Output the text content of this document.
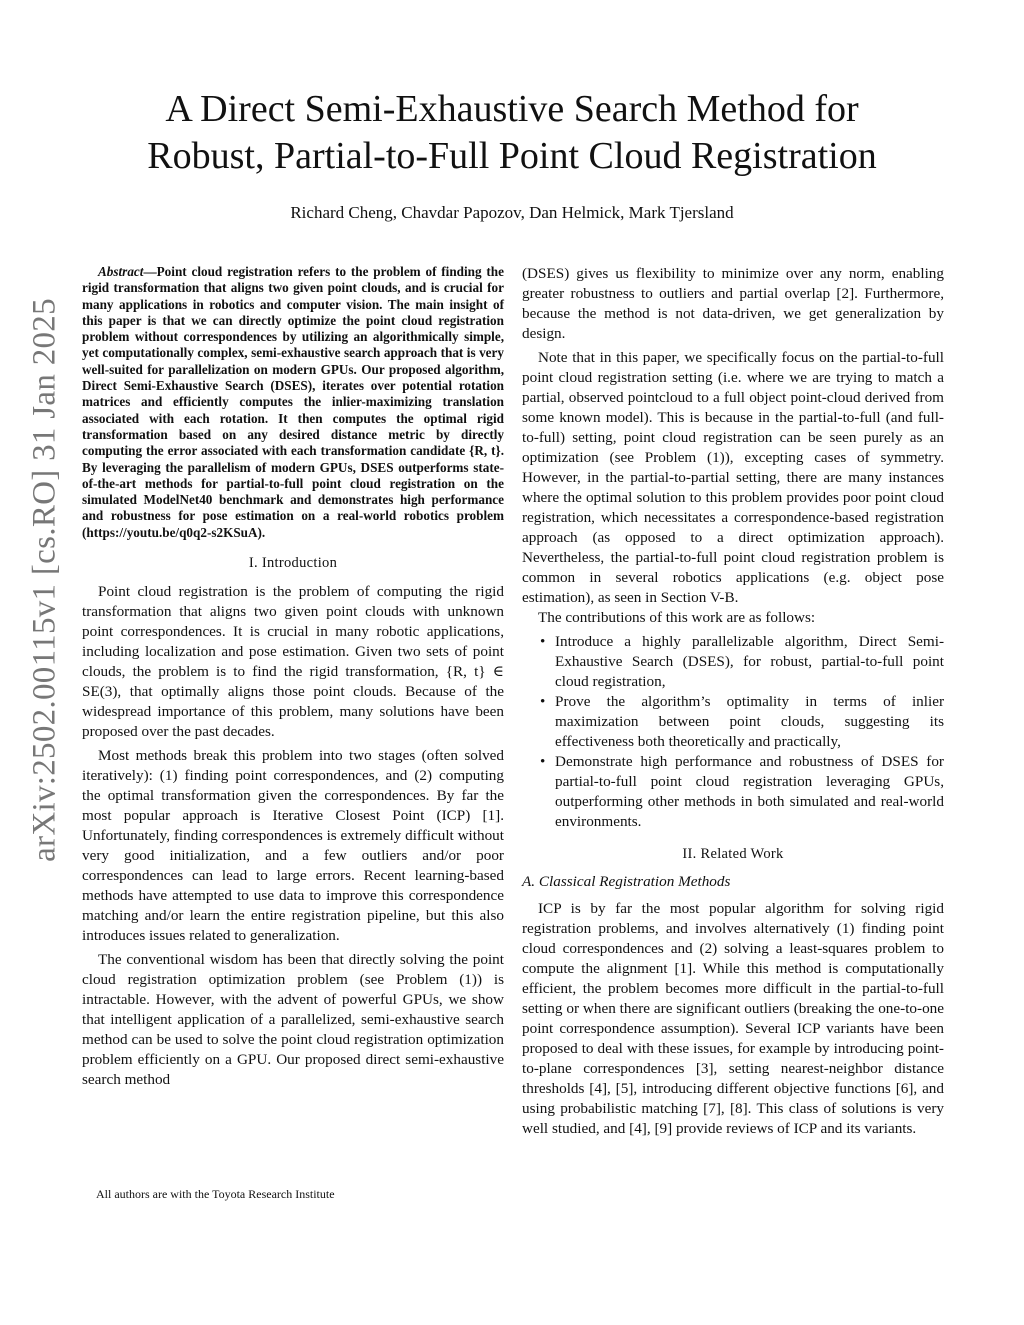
arXiv:2502.00115v1 [cs.RO] 31 Jan 2025
A Direct Semi-Exhaustive Search Method for
Robust, Partial-to-Full Point Cloud Registration
Richard Cheng, Chavdar Papozov, Dan Helmick, Mark Tjersland

Abstract—Point cloud registration refers to the problem of finding the rigid transformation that aligns two given point clouds, and is crucial for many applications in robotics and computer vision. The main insight of this paper is that we can directly optimize the point cloud registration problem without correspondences by utilizing an algorithmically simple, yet computationally complex, semi-exhaustive search approach that is very well-suited for parallelization on modern GPUs. Our proposed algorithm, Direct Semi-Exhaustive Search (DSES), iterates over potential rotation matrices and efficiently computes the inlier-maximizing translation associated with each rotation. It then computes the optimal rigid transformation based on any desired distance metric by directly computing the error associated with each transformation candidate {R, t}. By leveraging the parallelism of modern GPUs, DSES outperforms state-of-the-art methods for partial-to-full point cloud registration on the simulated ModelNet40 benchmark and demonstrates high performance and robustness for pose estimation on a real-world robotics problem (https://youtu.be/q0q2-s2KSuA).

I. Introduction

Point cloud registration is the problem of computing the rigid transformation that aligns two given point clouds with unknown point correspondences. It is crucial in many robotic applications, including localization and pose estimation. Given two sets of point clouds, the problem is to find the rigid transformation, {R, t} ∈ SE(3), that optimally aligns those point clouds. Because of the widespread importance of this problem, many solutions have been proposed over the past decades.

Most methods break this problem into two stages (often solved iteratively): (1) finding point correspondences, and (2) computing the optimal transformation given the correspondences. By far the most popular approach is Iterative Closest Point (ICP) [1]. Unfortunately, finding correspondences is extremely difficult without very good initialization, and a few outliers and/or poor correspondences can lead to large errors. Recent learning-based methods have attempted to use data to improve this correspondence matching and/or learn the entire registration pipeline, but this also introduces issues related to generalization.

The conventional wisdom has been that directly solving the point cloud registration optimization problem (see Problem (1)) is intractable. However, with the advent of powerful GPUs, we show that intelligent application of a parallelized, semi-exhaustive search method can be used to solve the point cloud registration optimization problem efficiently on a GPU. Our proposed direct semi-exhaustive search method

All authors are with the Toyota Research Institute

(DSES) gives us flexibility to minimize over any norm, enabling greater robustness to outliers and partial overlap [2]. Furthermore, because the method is not data-driven, we get generalization by design.

Note that in this paper, we specifically focus on the partial-to-full point cloud registration setting (i.e. where we are trying to match a partial, observed pointcloud to a full object point-cloud derived from some known model). This is because in the partial-to-full (and full-to-full) setting, point cloud registration can be seen purely as an optimization (see Problem (1)), excepting cases of symmetry. However, in the partial-to-partial setting, there are many instances where the optimal solution to this problem provides poor point cloud registration, which necessitates a correspondence-based registration approach (as opposed to a direct optimization approach). Nevertheless, the partial-to-full point cloud registration problem is common in several robotics applications (e.g. object pose estimation), as seen in Section V-B.

The contributions of this work are as follows:

• Introduce a highly parallelizable algorithm, Direct Semi-Exhaustive Search (DSES), for robust, partial-to-full point cloud registration,
• Prove the algorithm’s optimality in terms of inlier maximization between point clouds, suggesting its effectiveness both theoretically and practically,
• Demonstrate high performance and robustness of DSES for partial-to-full point cloud registration leveraging GPUs, outperforming other methods in both simulated and real-world environments.
II. Related Work
A. Classical Registration Methods

ICP is by far the most popular algorithm for solving rigid registration problems, and involves alternatively (1) finding point cloud correspondences and (2) solving a least-squares problem to compute the alignment [1]. While this method is computationally efficient, the problem becomes more difficult in the partial-to-full setting or when there are significant outliers (breaking the one-to-one point correspondence assumption). Several ICP variants have been proposed to deal with these issues, for example by introducing point-to-plane correspondences [3], setting nearest-neighbor distance thresholds [4], [5], introducing different objective functions [6], and using probabilistic matching [7], [8]. This class of solutions is very well studied, and [4], [9] provide reviews of ICP and its variants.
